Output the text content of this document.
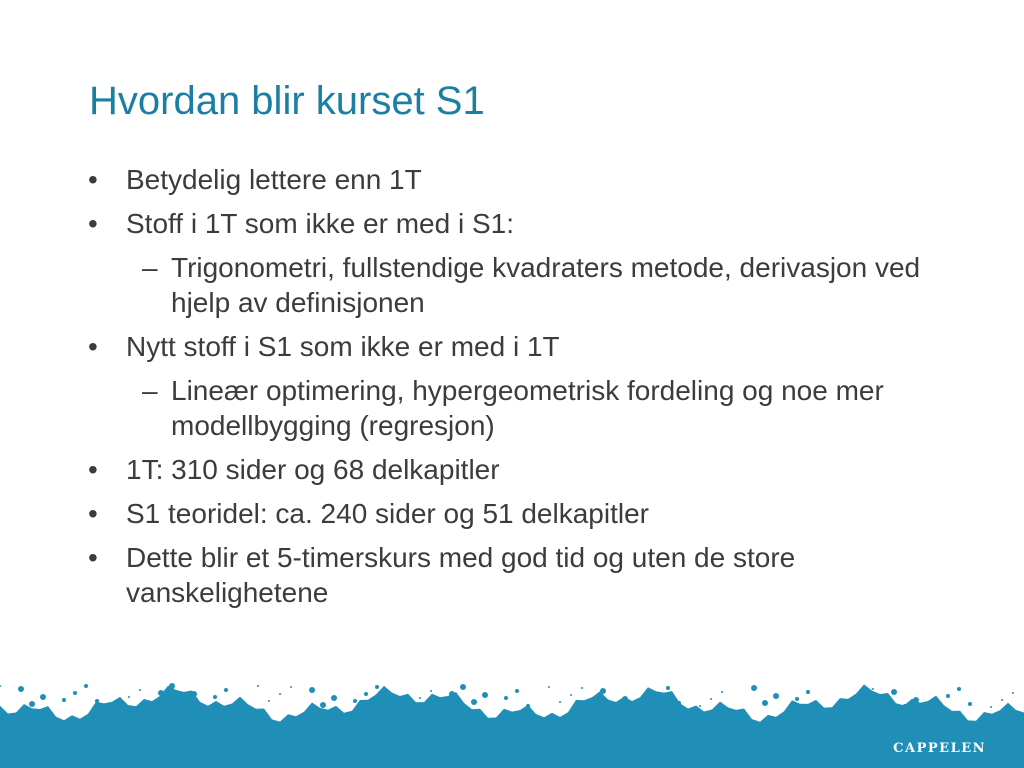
Hvordan blir kurset S1
• Betydelig lettere enn 1T
• Stoff i 1T som ikke er med i S1:
– Trigonometri, fullstendige kvadraters metode, derivasjon ved hjelp av definisjonen
• Nytt stoff i S1 som ikke er med i 1T
– Lineær optimering, hypergeometrisk fordeling og noe mer modellbygging (regresjon)
• 1T: 310 sider og 68 delkapitler
• S1 teoridel: ca. 240 sider og 51 delkapitler
• Dette blir et 5-timerskurs med god tid og uten de store vanskelighetene
CAPPELEN
